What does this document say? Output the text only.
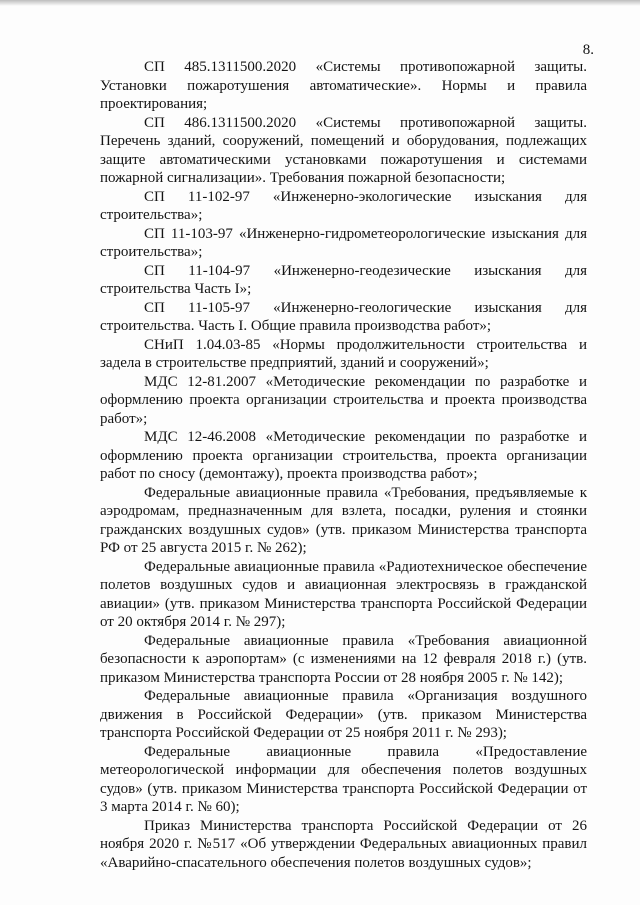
8.

СП 485.1311500.2020 «Системы противопожарной защиты. Установки пожаротушения автоматические». Нормы и правила проектирования;

СП 486.1311500.2020 «Системы противопожарной защиты. Перечень зданий, сооружений, помещений и оборудования, подлежащих защите автоматическими установками пожаротушения и системами пожарной сигнализации». Требования пожарной безопасности;

СП 11-102-97 «Инженерно-экологические изыскания для строительства»;

СП 11-103-97 «Инженерно-гидрометеорологические изыскания для строительства»;

СП 11-104-97 «Инженерно-геодезические изыскания для строительства Часть I»;

СП 11-105-97 «Инженерно-геологические изыскания для строительства. Часть I. Общие правила производства работ»;

СНиП 1.04.03-85 «Нормы продолжительности строительства и задела в строительстве предприятий, зданий и сооружений»;

МДС 12-81.2007 «Методические рекомендации по разработке и оформлению проекта организации строительства и проекта производства работ»;

МДС 12-46.2008 «Методические рекомендации по разработке и оформлению проекта организации строительства, проекта организации работ по сносу (демонтажу), проекта производства работ»;

Федеральные авиационные правила «Требования, предъявляемые к аэродромам, предназначенным для взлета, посадки, руления и стоянки гражданских воздушных судов» (утв. приказом Министерства транспорта РФ от 25 августа 2015 г. № 262);

Федеральные авиационные правила «Радиотехническое обеспечение полетов воздушных судов и авиационная электросвязь в гражданской авиации» (утв. приказом Министерства транспорта Российской Федерации от 20 октября 2014 г. № 297);

Федеральные авиационные правила «Требования авиационной безопасности к аэропортам» (с изменениями на 12 февраля 2018 г.) (утв. приказом Министерства транспорта России от 28 ноября 2005 г. № 142);

Федеральные авиационные правила «Организация воздушного движения в Российской Федерации» (утв. приказом Министерства транспорта Российской Федерации от 25 ноября 2011 г. № 293);

Федеральные авиационные правила «Предоставление метеорологической информации для обеспечения полетов воздушных судов» (утв. приказом Министерства транспорта Российской Федерации от 3 марта 2014 г. № 60);

Приказ Министерства транспорта Российской Федерации от 26 ноября 2020 г. №517 «Об утверждении Федеральных авиационных правил «Аварийно-спасательного обеспечения полетов воздушных судов»;
